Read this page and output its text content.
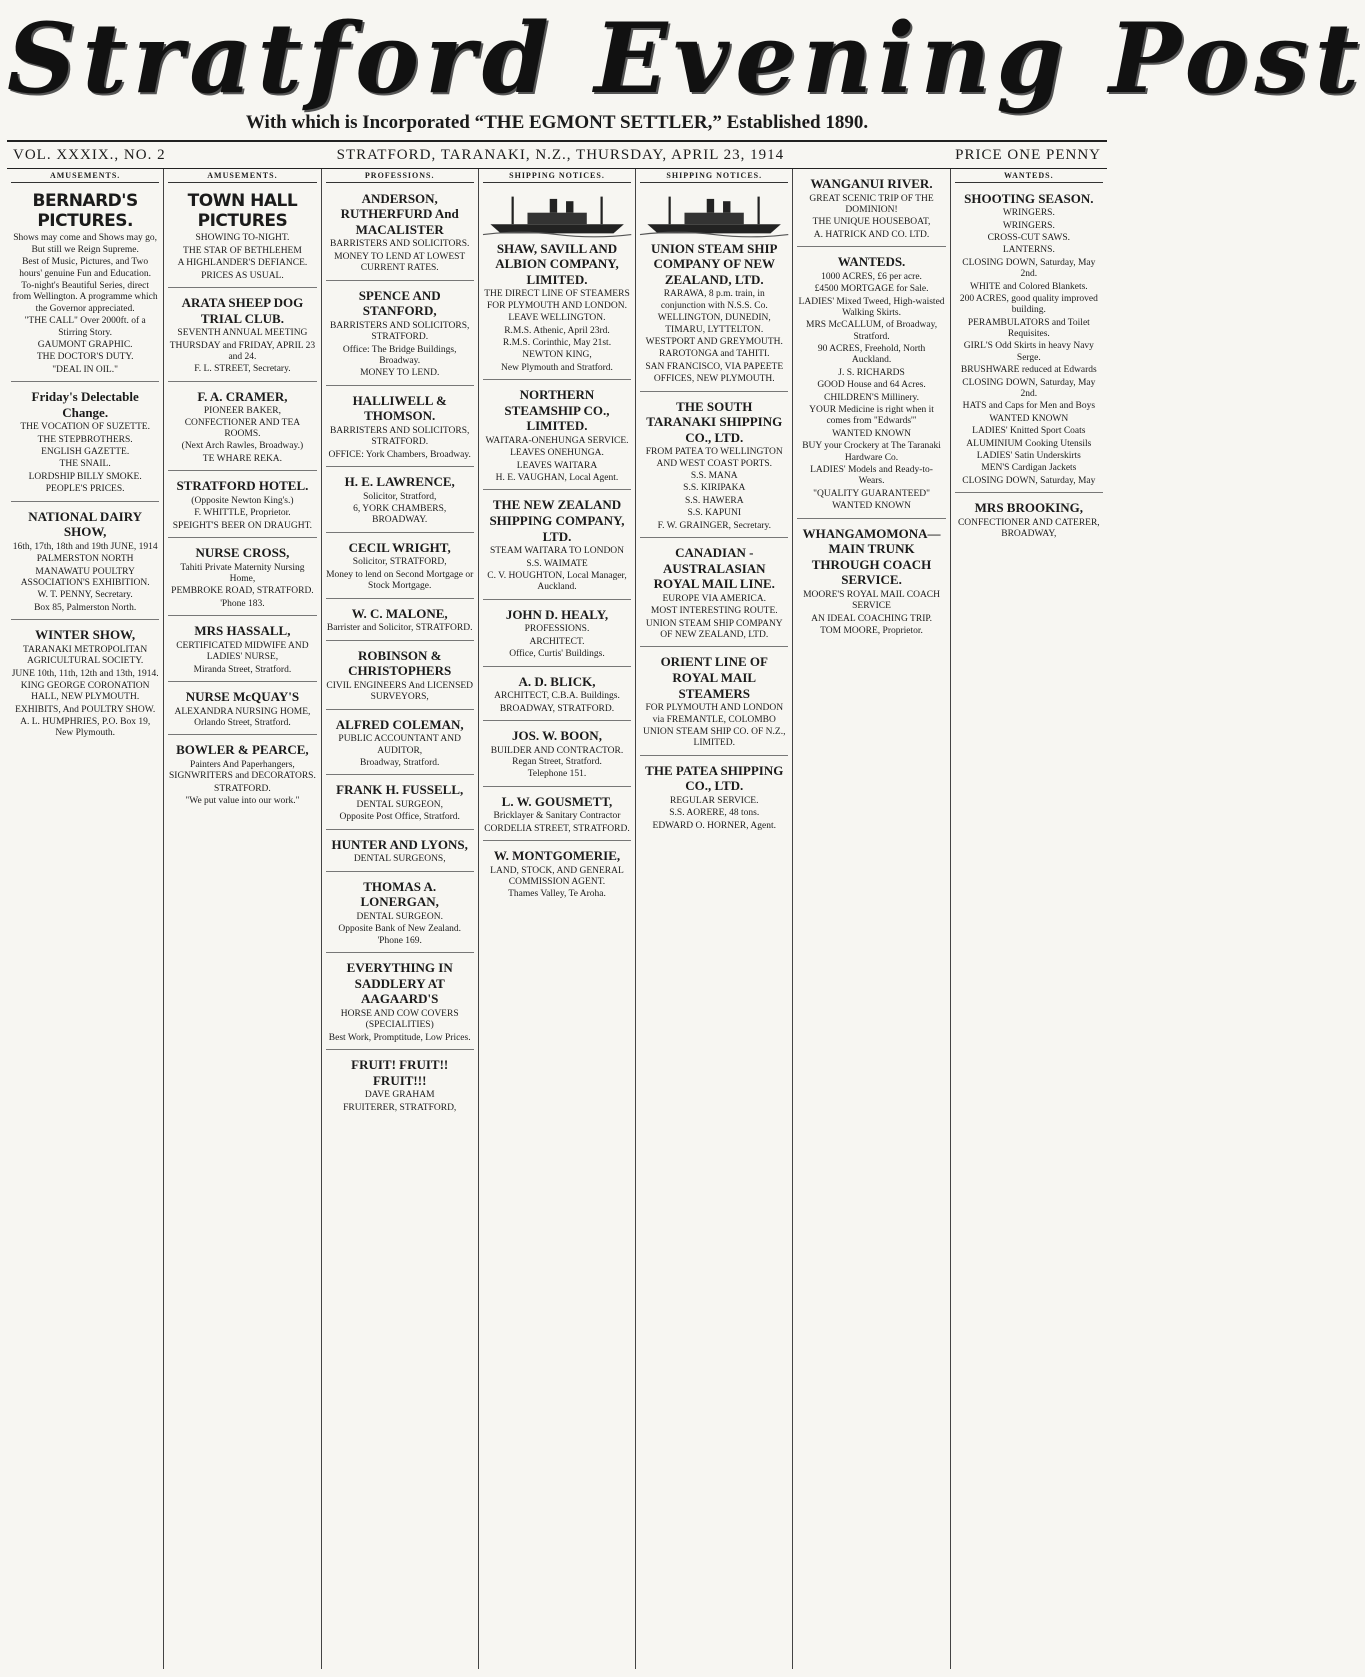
Stratford Evening Post
With which is Incorporated “THE EGMONT SETTLER,” Established 1890.
VOL. XXXIX., NO. 2	STRATFORD, TARANAKI, N.Z., THURSDAY, APRIL 23, 1914	PRICE ONE PENNY
AMUSEMENTS.
BERNARD'S PICTURES.
Shows may come and Shows may go, But still we Reign Supreme.
Best of Music, Pictures, and Two hours' genuine Fun and Education.
To-night's Beautiful Series, direct from Wellington. A programme which the Governor appreciated.
"THE CALL" Over 2000ft. of a Stirring Story.
GAUMONT GRAPHIC.
THE DOCTOR'S DUTY.
"DEAL IN OIL."
Friday's Delectable Change.
THE VOCATION OF SUZETTE.
THE STEPBROTHERS.
ENGLISH GAZETTE.
THE SNAIL.
LORDSHIP BILLY SMOKE.
PEOPLE'S PRICES.
NATIONAL DAIRY SHOW,
16th, 17th, 18th and 19th JUNE, 1914
PALMERSTON NORTH
MANAWATU POULTRY ASSOCIATION'S EXHIBITION.
W. T. PENNY, Secretary.
Box 85, Palmerston North.
WINTER SHOW,
TARANAKI METROPOLITAN AGRICULTURAL SOCIETY.
JUNE 10th, 11th, 12th and 13th, 1914.
KING GEORGE CORONATION HALL, NEW PLYMOUTH.
EXHIBITS, And POULTRY SHOW.
A. L. HUMPHRIES, P.O. Box 19, New Plymouth.
AMUSEMENTS.
TOWN HALL PICTURES
SHOWING TO-NIGHT.
THE STAR OF BETHLEHEM
A HIGHLANDER'S DEFIANCE.
PRICES AS USUAL.
ARATA SHEEP DOG TRIAL CLUB.
SEVENTH ANNUAL MEETING
THURSDAY and FRIDAY, APRIL 23 and 24.
F. L. STREET, Secretary.
F. A. CRAMER,
PIONEER BAKER, CONFECTIONER AND TEA ROOMS.
(Next Arch Rawles, Broadway.)
TE WHARE REKA.
STRATFORD HOTEL.
(Opposite Newton King's.)
F. WHITTLE, Proprietor.
SPEIGHT'S BEER ON DRAUGHT.
NURSE CROSS,
Tahiti Private Maternity Nursing Home,
PEMBROKE ROAD, STRATFORD.
'Phone 183.
MRS HASSALL,
CERTIFICATED MIDWIFE AND LADIES' NURSE,
Miranda Street, Stratford.
NURSE McQUAY'S
ALEXANDRA NURSING HOME, Orlando Street, Stratford.
BOWLER & PEARCE,
Painters And Paperhangers, SIGNWRITERS and DECORATORS.
STRATFORD.
"We put value into our work."
PROFESSIONS.
ANDERSON, RUTHERFURD And MACALISTER
BARRISTERS AND SOLICITORS.
MONEY TO LEND AT LOWEST CURRENT RATES.
SPENCE AND STANFORD,
BARRISTERS AND SOLICITORS, STRATFORD.
Office: The Bridge Buildings, Broadway.
MONEY TO LEND.
HALLIWELL & THOMSON.
BARRISTERS AND SOLICITORS, STRATFORD.
OFFICE: York Chambers, Broadway.
H. E. LAWRENCE,
Solicitor, Stratford,
6, YORK CHAMBERS, BROADWAY.
CECIL WRIGHT,
Solicitor, STRATFORD,
Money to lend on Second Mortgage or Stock Mortgage.
W. C. MALONE,
Barrister and Solicitor, STRATFORD.
ROBINSON & CHRISTOPHERS
CIVIL ENGINEERS And LICENSED SURVEYORS,
ALFRED COLEMAN,
PUBLIC ACCOUNTANT AND AUDITOR,
Broadway, Stratford.
FRANK H. FUSSELL,
DENTAL SURGEON,
Opposite Post Office, Stratford.
HUNTER AND LYONS,
DENTAL SURGEONS,
THOMAS A. LONERGAN,
DENTAL SURGEON.
Opposite Bank of New Zealand. 'Phone 169.
EVERYTHING IN SADDLERY AT AAGAARD'S
HORSE AND COW COVERS (SPECIALITIES)
Best Work, Promptitude, Low Prices.
FRUIT! FRUIT!! FRUIT!!!
DAVE GRAHAM
FRUITERER, STRATFORD,
SHIPPING NOTICES.
SHAW, SAVILL AND ALBION COMPANY, LIMITED.
THE DIRECT LINE OF STEAMERS FOR PLYMOUTH AND LONDON.
LEAVE WELLINGTON.
R.M.S. Athenic, April 23rd.
R.M.S. Corinthic, May 21st.
NEWTON KING,
New Plymouth and Stratford.
NORTHERN STEAMSHIP CO., LIMITED.
WAITARA-ONEHUNGA SERVICE.
LEAVES ONEHUNGA.
LEAVES WAITARA
H. E. VAUGHAN, Local Agent.
THE NEW ZEALAND SHIPPING COMPANY, LTD.
STEAM WAITARA TO LONDON
S.S. WAIMATE
C. V. HOUGHTON, Local Manager, Auckland.
JOHN D. HEALY,
PROFESSIONS.
ARCHITECT.
Office, Curtis' Buildings.
A. D. BLICK,
ARCHITECT, C.B.A. Buildings.
BROADWAY, STRATFORD.
JOS. W. BOON,
BUILDER AND CONTRACTOR. Regan Street, Stratford.
Telephone 151.
L. W. GOUSMETT,
Bricklayer & Sanitary Contractor
CORDELIA STREET, STRATFORD.
W. MONTGOMERIE,
LAND, STOCK, AND GENERAL COMMISSION AGENT.
Thames Valley, Te Aroha.
SHIPPING NOTICES.
UNION STEAM SHIP COMPANY OF NEW ZEALAND, LTD.
RARAWA, 8 p.m. train, in conjunction with N.S.S. Co.
WELLINGTON, DUNEDIN, TIMARU, LYTTELTON.
WESTPORT AND GREYMOUTH.
RAROTONGA and TAHITI.
SAN FRANCISCO, VIA PAPEETE
OFFICES, NEW PLYMOUTH.
THE SOUTH TARANAKI SHIPPING CO., LTD.
FROM PATEA TO WELLINGTON AND WEST COAST PORTS.
S.S. MANA
S.S. KIRIPAKA
S.S. HAWERA
S.S. KAPUNI
F. W. GRAINGER, Secretary.
CANADIAN - AUSTRALASIAN ROYAL MAIL LINE.
EUROPE VIA AMERICA.
MOST INTERESTING ROUTE.
UNION STEAM SHIP COMPANY OF NEW ZEALAND, LTD.
ORIENT LINE OF ROYAL MAIL STEAMERS
FOR PLYMOUTH AND LONDON via FREMANTLE, COLOMBO
UNION STEAM SHIP CO. OF N.Z., LIMITED.
THE PATEA SHIPPING CO., LTD.
REGULAR SERVICE.
S.S. AORERE, 48 tons.
EDWARD O. HORNER, Agent.
WANGANUI RIVER.
GREAT SCENIC TRIP OF THE DOMINION!
THE UNIQUE HOUSEBOAT,
A. HATRICK AND CO. LTD.
WANTEDS.
1000 ACRES, £6 per acre.
£4500 MORTGAGE for Sale.
LADIES' Mixed Tweed, High-waisted Walking Skirts.
MRS McCALLUM, of Broadway, Stratford.
90 ACRES, Freehold, North Auckland.
J. S. RICHARDS
GOOD House and 64 Acres.
CHILDREN'S Millinery.
YOUR Medicine is right when it comes from "Edwards'"
WANTED KNOWN
BUY your Crockery at The Taranaki Hardware Co.
LADIES' Models and Ready-to-Wears.
"QUALITY GUARANTEED"
WANTED KNOWN
WHANGAMOMONA—MAIN TRUNK THROUGH COACH SERVICE.
MOORE'S ROYAL MAIL COACH SERVICE
AN IDEAL COACHING TRIP.
TOM MOORE, Proprietor.
WANTEDS.
SHOOTING SEASON.
WRINGERS.
WRINGERS.
CROSS-CUT SAWS.
LANTERNS.
CLOSING DOWN, Saturday, May 2nd.
WHITE and Colored Blankets.
200 ACRES, good quality improved building.
PERAMBULATORS and Toilet Requisites.
GIRL'S Odd Skirts in heavy Navy Serge.
BRUSHWARE reduced at Edwards
CLOSING DOWN, Saturday, May 2nd.
HATS and Caps for Men and Boys
WANTED KNOWN
LADIES' Knitted Sport Coats
ALUMINIUM Cooking Utensils
LADIES' Satin Underskirts
MEN'S Cardigan Jackets
CLOSING DOWN, Saturday, May
MRS BROOKING,
CONFECTIONER AND CATERER, BROADWAY,
